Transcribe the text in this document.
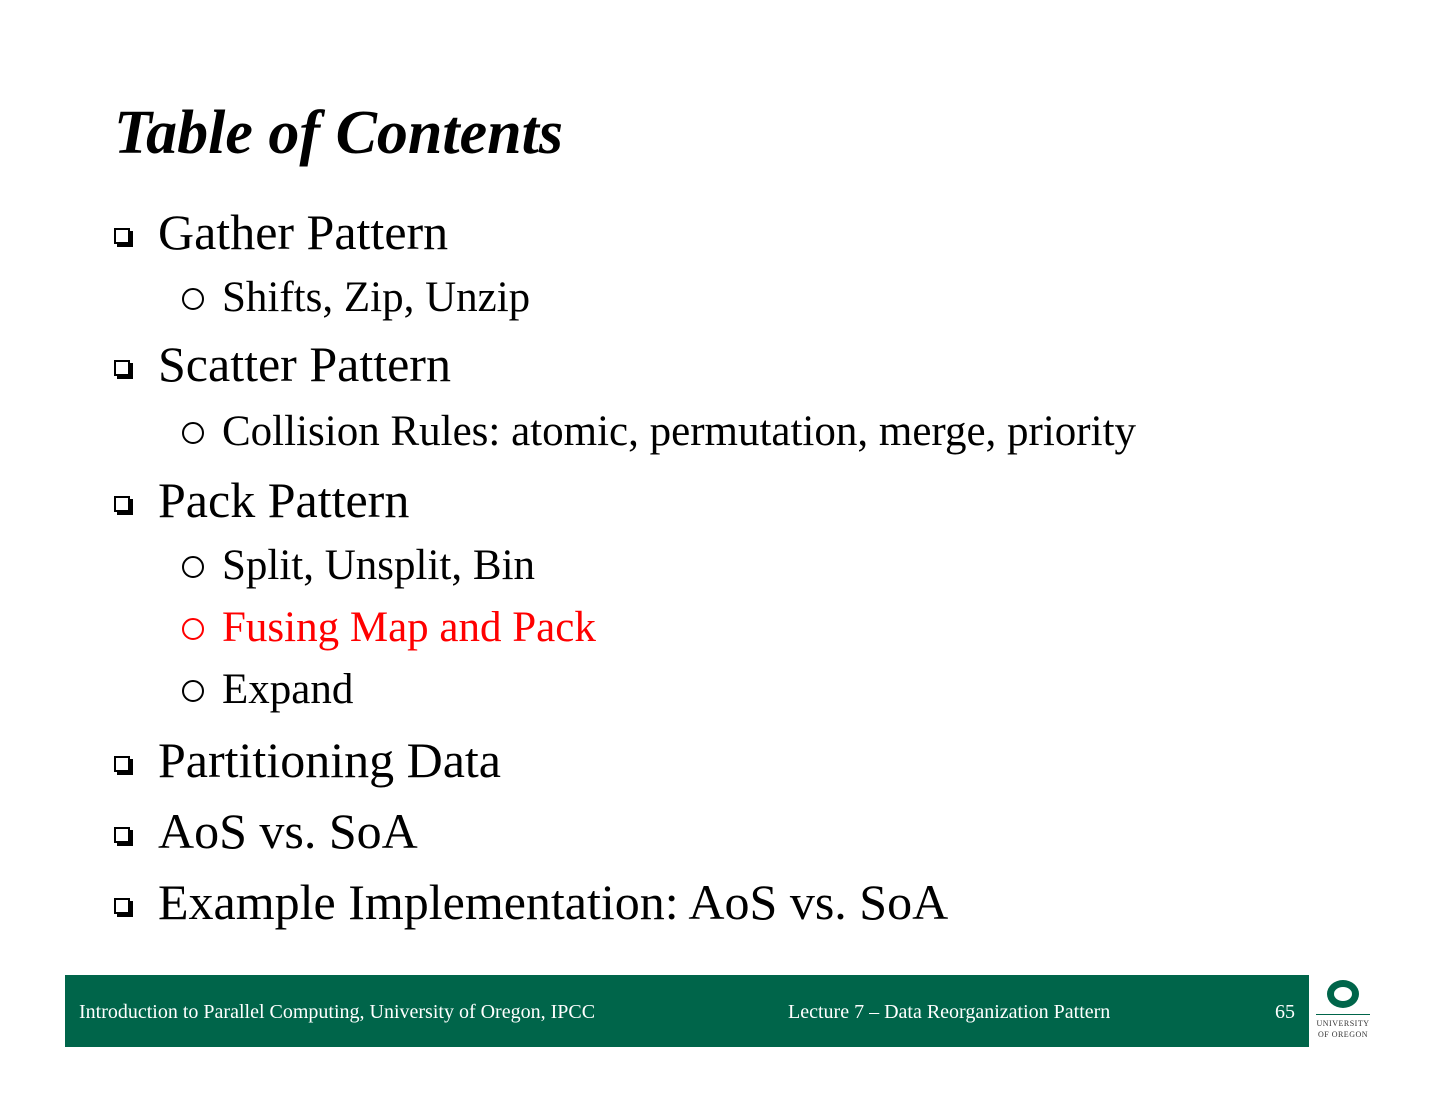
Table of Contents
Gather Pattern
Shifts, Zip, Unzip
Scatter Pattern
Collision Rules: atomic, permutation, merge, priority
Pack Pattern
Split, Unsplit, Bin
Fusing Map and Pack
Expand
Partitioning Data
AoS vs. SoA
Example Implementation: AoS vs. SoA
Introduction to Parallel Computing, University of Oregon, IPCC	Lecture 7 – Data Reorganization Pattern	65
UNIVERSITY
OF OREGON
